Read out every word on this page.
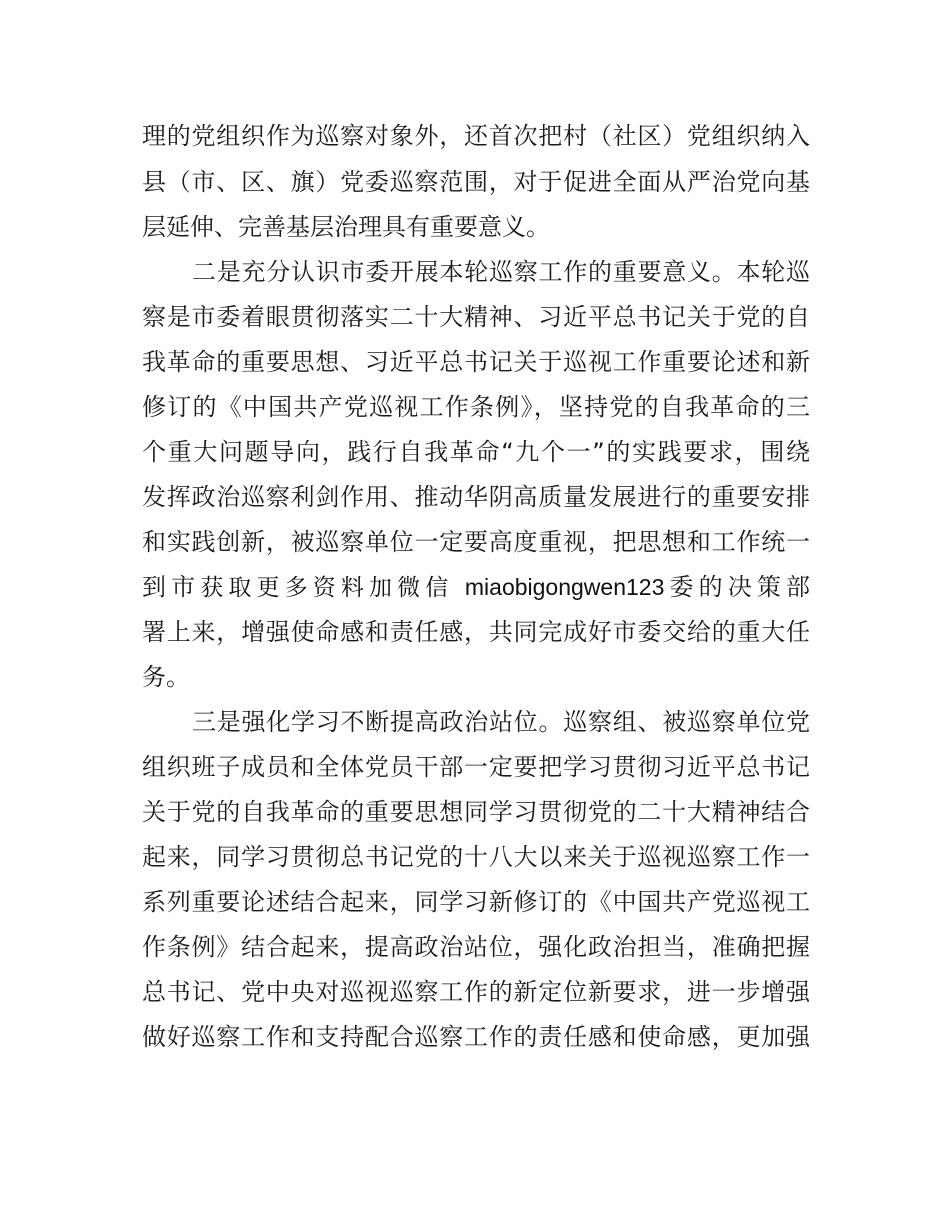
理的党组织作为巡察对象外，还首次把村（社区）党组织纳入
县（市、区、旗）党委巡察范围，对于促进全面从严治党向基
层延伸、完善基层治理具有重要意义。
二是充分认识市委开展本轮巡察工作的重要意义。本轮巡
察是市委着眼贯彻落实二十大精神、习近平总书记关于党的自
我革命的重要思想、习近平总书记关于巡视工作重要论述和新
修订的《中国共产党巡视工作条例》，坚持党的自我革命的三
个重大问题导向，践行自我革命“九个一”的实践要求，围绕
发挥政治巡察利剑作用、推动华阴高质量发展进行的重要安排
和实践创新，被巡察单位一定要高度重视，把思想和工作统一
到市获取更多资料加微信 miaobigongwen123委的决策部
署上来，增强使命感和责任感，共同完成好市委交给的重大任
务。
三是强化学习不断提高政治站位。巡察组、被巡察单位党
组织班子成员和全体党员干部一定要把学习贯彻习近平总书记
关于党的自我革命的重要思想同学习贯彻党的二十大精神结合
起来，同学习贯彻总书记党的十八大以来关于巡视巡察工作一
系列重要论述结合起来，同学习新修订的《中国共产党巡视工
作条例》结合起来，提高政治站位，强化政治担当，准确把握
总书记、党中央对巡视巡察工作的新定位新要求，进一步增强
做好巡察工作和支持配合巡察工作的责任感和使命感，更加强
